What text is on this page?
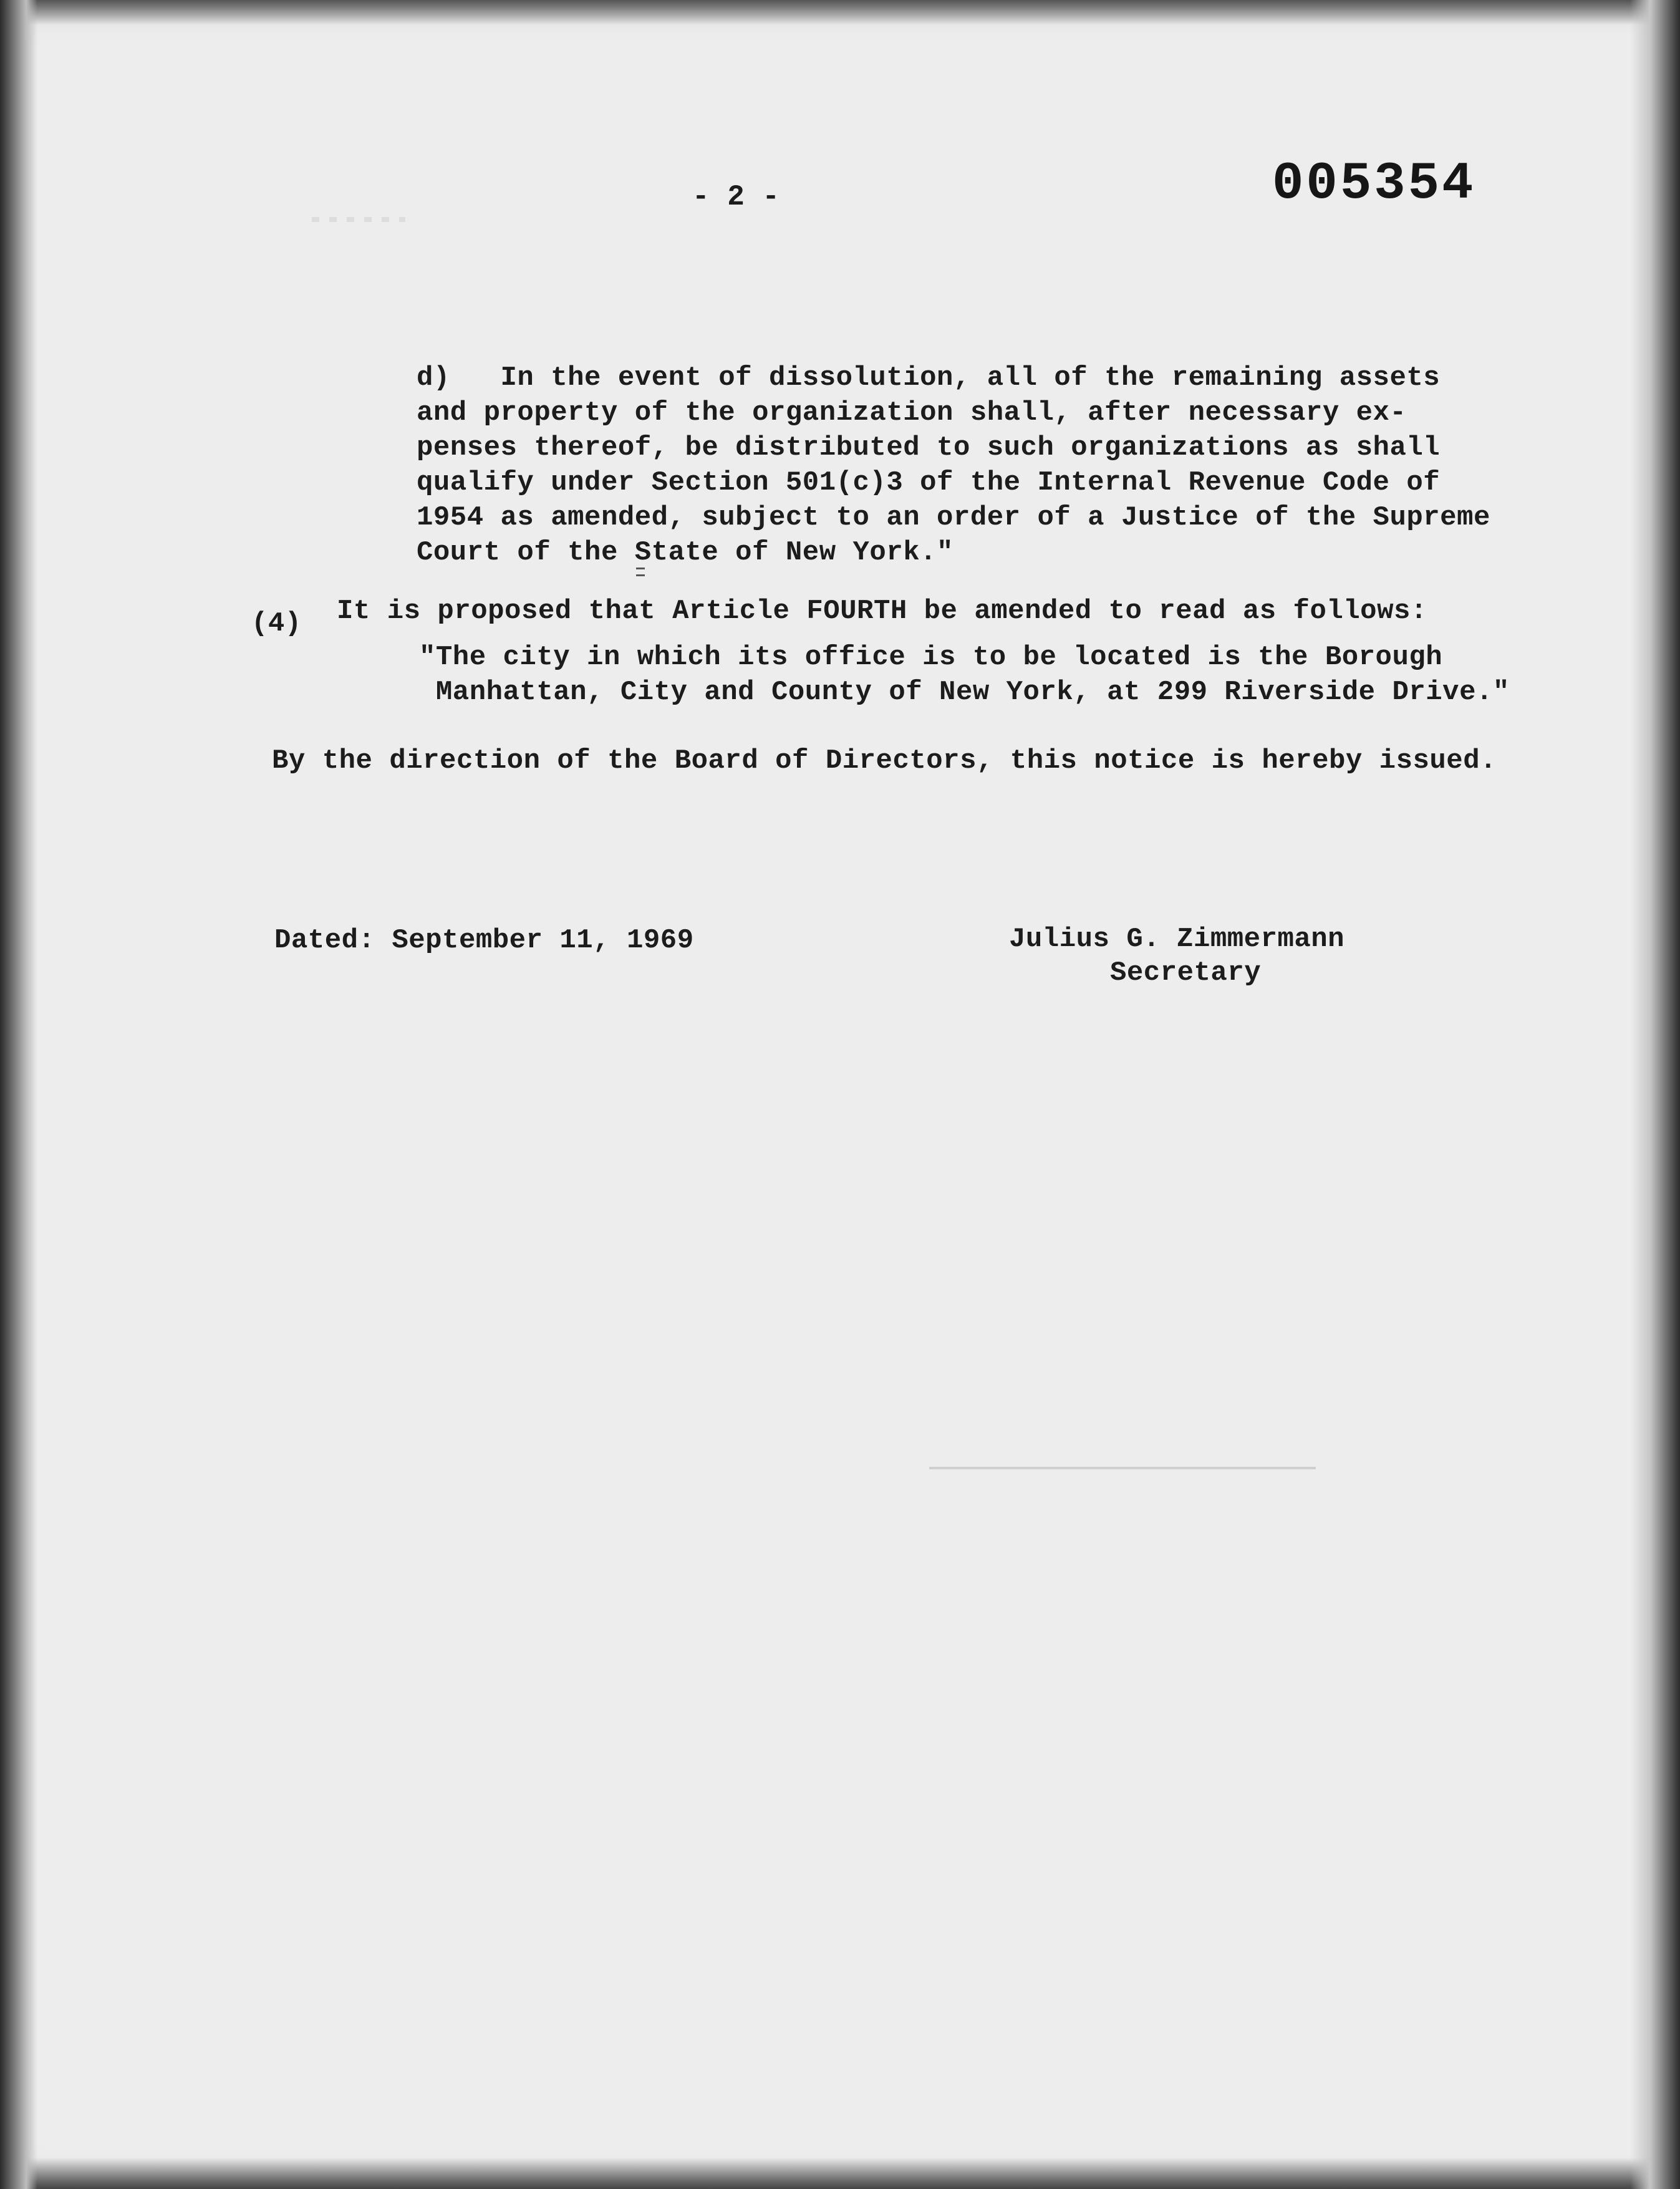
- 2 -	005354
d)   In the event of dissolution, all of the remaining assets
and property of the organization shall, after necessary ex-
penses thereof, be distributed to such organizations as shall
qualify under Section 501(c)3 of the Internal Revenue Code of
1954 as amended, subject to an order of a Justice of the Supreme
Court of the State of New York."
(4) It is proposed that Article FOURTH be amended to read as follows:
"The city in which its office is to be located is the Borough
Manhattan, City and County of New York, at 299 Riverside Drive."
By the direction of the Board of Directors, this notice is hereby issued.
Dated: September 11, 1969	Julius G. Zimmermann
Secretary
